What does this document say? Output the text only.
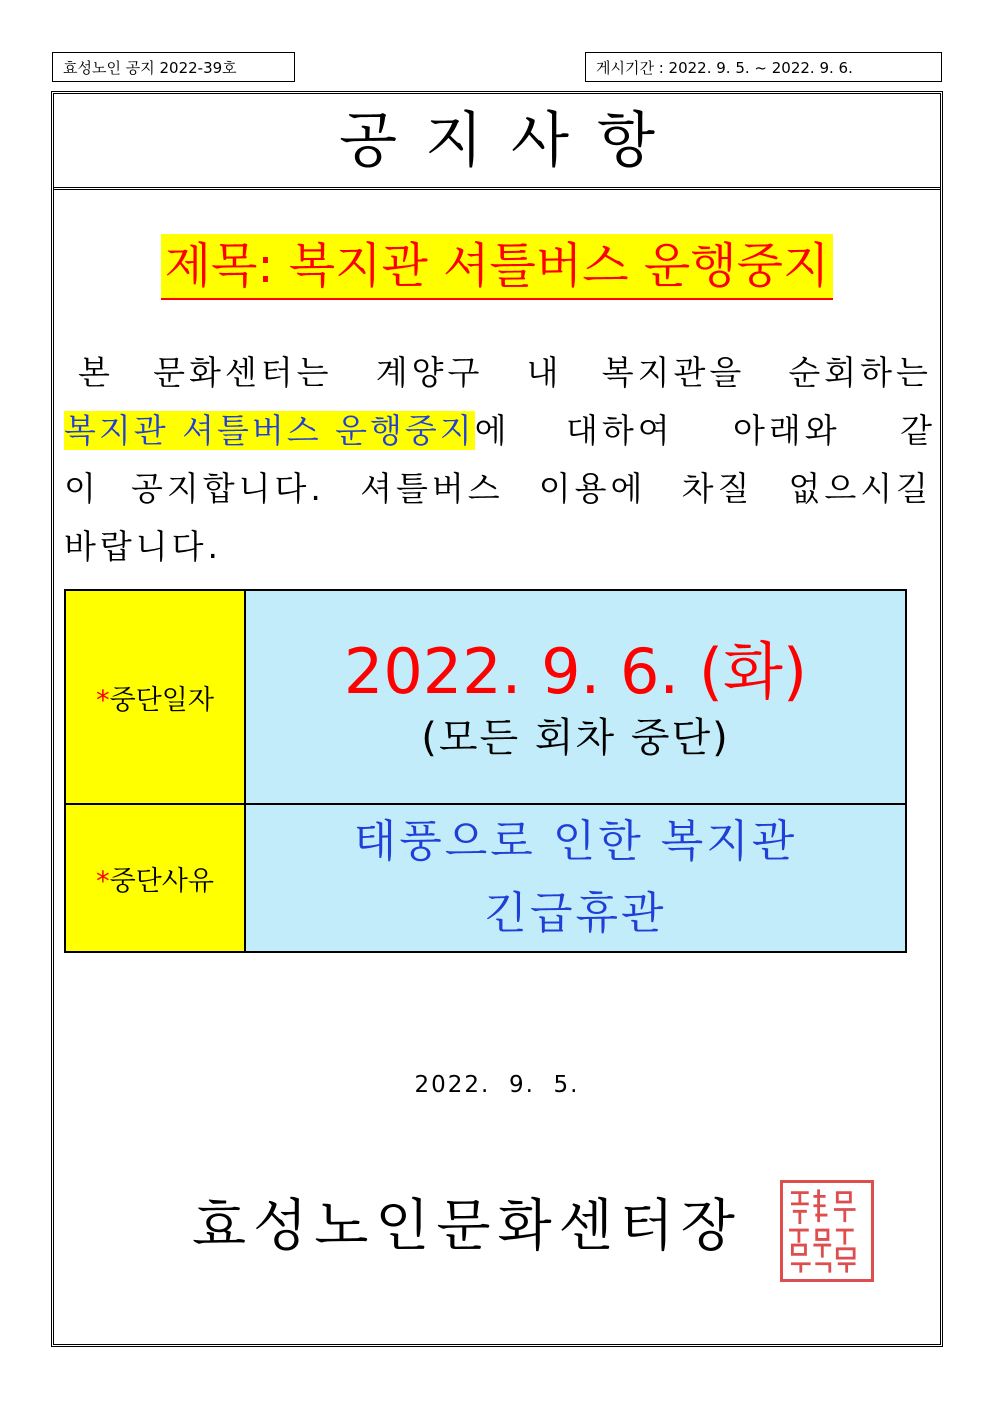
효성노인 공지 2022-39호	게시기간 : 2022. 9. 5. ~ 2022. 9. 6.
공지사항
제목: 복지관 셔틀버스 운행중지
본 문화센터는 계양구 내 복지관을 순회하는
복지관 셔틀버스 운행중지에 대하여 아래와 같
이 공지합니다. 셔틀버스 이용에 차질 없으시길
바랍니다.
*중단일자	2022. 9. 6. (화)
(모든 회차 중단)

*중단사유	태풍으로 인한 복지관
긴급휴관
2022.  9.  5.
효성노인문화센터장
